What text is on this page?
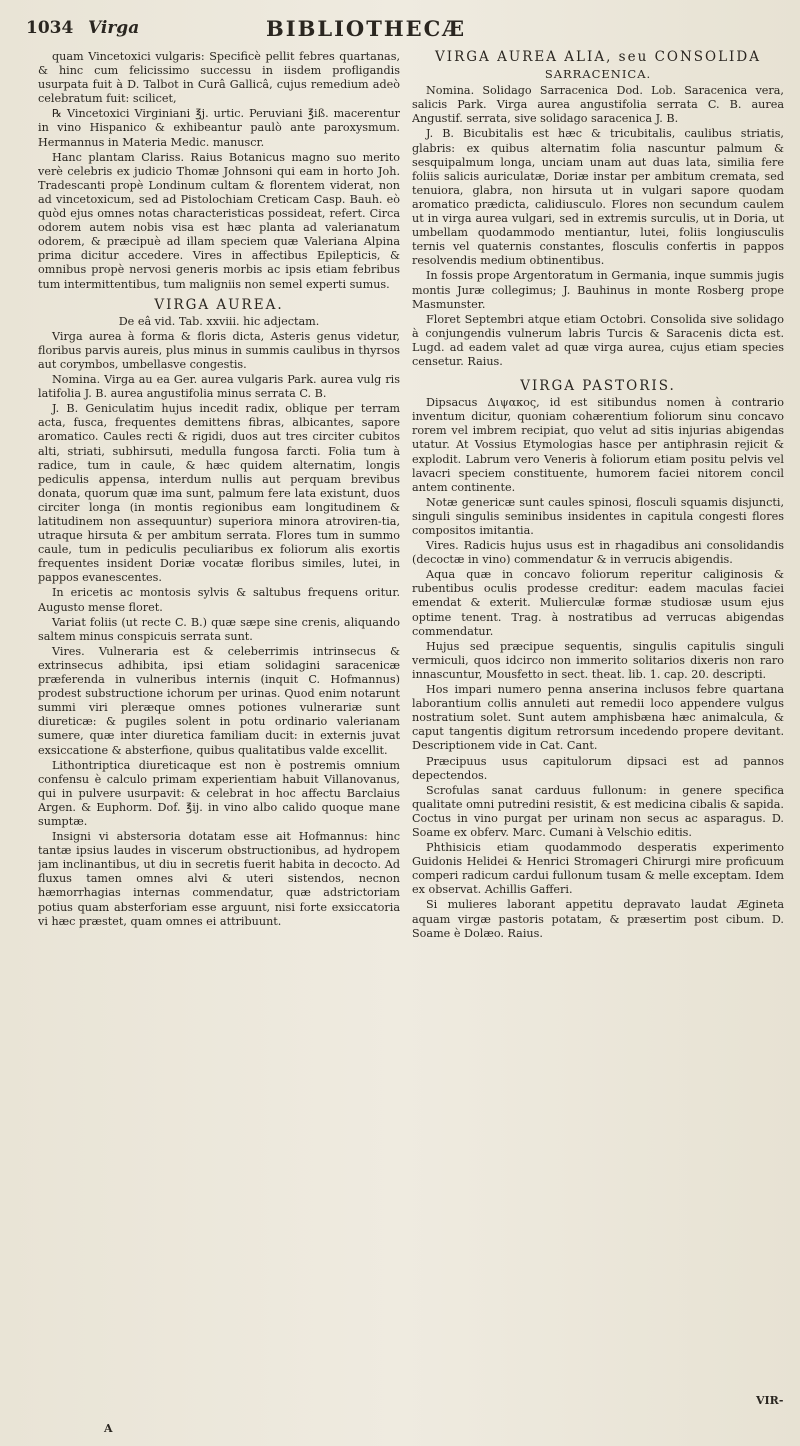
1034 Virga	BIBLIOTHECÆ

quam Vincetoxici vulgaris: Specificè pellit febres quartanas, & hinc cum felicissimo successu in iisdem profligandis usurpata fuit à D. Talbot in Curâ Gallicâ, cujus remedium adeò celebratum fuit: scilicet,

℞ Vincetoxici Virginiani ℥j. urtic. Peruviani ℥iß. macerentur in vino Hispanico & exhibeantur paulò ante paroxysmum. Hermannus in Materia Medic. manuscr.

Hanc plantam Clariss. Raius Botanicus magno suo merito verè celebris ex judicio Thomæ Johnsoni qui eam in horto Joh. Tradescanti propè Londinum cultam & florentem viderat, non ad vincetoxicum, sed ad Pistolochiam Creticam Casp. Bauh. eò quòd ejus omnes notas characteristicas possideat, refert. Circa odorem autem nobis visa est hæc planta ad valerianatum odorem, & præcipuè ad illam speciem quæ Valeriana Alpina prima dicitur accedere. Vires in affectibus Epilepticis, & omnibus propè nervosi generis morbis ac ipsis etiam febribus tum intermittentibus, tum maligniis non semel experti sumus.

VIRGA AUREA.

De eâ vid. Tab. xxviii. hic adjectam.

Virga aurea à forma & floris dicta, Asteris genus videtur, floribus parvis aureis, plus minus in summis caulibus in thyrsos aut corymbos, umbellasve congestis.

Nomina. Virga au ea Ger. aurea vulgaris Park. aurea vulg ris latifolia J. B. aurea angustifolia minus serrata C. B.

J. B. Geniculatim hujus incedit radix, oblique per terram acta, fusca, frequentes demittens fibras, albicantes, sapore aromatico. Caules recti & rigidi, duos aut tres circiter cubitos alti, striati, subhirsuti, medulla fungosa farcti. Folia tum à radice, tum in caule, & hæc quidem alternatim, longis pediculis appensa, interdum nullis aut perquam brevibus donata, quorum quæ ima sunt, palmum fere lata existunt, duos circiter longa (in montis regionibus eam longitudinem & latitudinem non assequuntur) superiora minora atroviren-tia, utraque hirsuta & per ambitum serrata. Flores tum in summo caule, tum in pediculis peculiaribus ex foliorum alis exortis frequentes insident Doriæ vocatæ floribus similes, lutei, in pappos evanescentes.

In ericetis ac montosis sylvis & saltubus frequens oritur. Augusto mense floret.

Variat foliis (ut recte C. B.) quæ sæpe sine crenis, aliquando saltem minus conspicuis serrata sunt.

Vires. Vulneraria est & celeberrimis intrinsecus & extrinsecus adhibita, ipsi etiam solidagini saracenicæ præferenda in vulneribus internis (inquit C. Hofmannus) prodest substructione ichorum per urinas. Quod enim notarunt summi viri pleræque omnes potiones vulnerariæ sunt diureticæ: & pugiles solent in potu ordinario valerianam sumere, quæ inter diuretica familiam ducit: in externis juvat exsiccatione & absterfione, quibus qualitatibus valde excellit.

Lithontriptica diureticaque est non è postremis omnium confensu è calculo primam experientiam habuit Villanovanus, qui in pulvere usurpavit: & celebrat in hoc affectu Barclaius Argen. & Euphorm. Dof. ℥ij. in vino albo calido quoque mane sumptæ.

Insigni vi abstersoria dotatam esse ait Hofmannus: hinc tantæ ipsius laudes in viscerum obstructionibus, ad hydropem jam inclinantibus, ut diu in secretis fuerit habita in decocto. Ad fluxus tamen omnes alvi & uteri sistendos, necnon hæmorrhagias internas commendatur, quæ adstrictoriam potius quam absterforiam esse arguunt, nisi forte exsiccatoria vi hæc præstet, quam omnes ei attribuunt.

VIRGA AUREA ALIA, seu CONSOLIDA
SARRACENICA.

Nomina. Solidago Sarracenica Dod. Lob. Saracenica vera, salicis Park. Virga aurea angustifolia serrata C. B. aurea Angustif. serrata, sive solidago saracenica J. B.

J. B. Bicubitalis est hæc & tricubitalis, caulibus striatis, glabris: ex quibus alternatim folia nascuntur palmum & sesquipalmum longa, unciam unam aut duas lata, similia fere foliis salicis auriculatæ, Doriæ instar per ambitum cremata, sed tenuiora, glabra, non hirsuta ut in vulgari sapore quodam aromatico prædicta, calidiusculo. Flores non secundum caulem ut in virga aurea vulgari, sed in extremis surculis, ut in Doria, ut umbellam quodammodo mentiantur, lutei, foliis longiusculis ternis vel quaternis constantes, flosculis confertis in pappos resolvendis medium obtinentibus.

In fossis prope Argentoratum in Germania, inque summis jugis montis Juræ collegimus; J. Bauhinus in monte Rosberg prope Masmunster.

Floret Septembri atque etiam Octobri. Consolida sive solidago à conjungendis vulnerum labris Turcis & Saracenis dicta est. Lugd. ad eadem valet ad quæ virga aurea, cujus etiam species censetur. Raius.

VIRGA PASTORIS.

Dipsacus Διψακος, id est sitibundus nomen à contrario inventum dicitur, quoniam cohærentium foliorum sinu concavo rorem vel imbrem recipiat, quo velut ad sitis injurias abigendas utatur. At Vossius Etymologias hasce per antiphrasin rejicit & explodit. Labrum vero Veneris à foliorum etiam positu pelvis vel lavacri speciem constituente, humorem faciei nitorem concil antem continente.

Notæ genericæ sunt caules spinosi, flosculi squamis disjuncti, singuli singulis seminibus insidentes in capitula congesti flores compositos imitantia.

Vires. Radicis hujus usus est in rhagadibus ani consolidandis (decoctæ in vino) commendatur & in verrucis abigendis.

Aqua quæ in concavo foliorum reperitur caliginosis & rubentibus oculis prodesse creditur: eadem maculas faciei emendat & exterit. Mulierculæ formæ studiosæ usum ejus optime tenent. Trag. à nostratibus ad verrucas abigendas commendatur.

Hujus sed præcipue sequentis, singulis capitulis singuli vermiculi, quos idcirco non immerito solitarios dixeris non raro innascuntur, Mousfetto in sect. theat. lib. 1. cap. 20. descripti.

Hos impari numero penna anserina inclusos febre quartana laborantium collis annuleti aut remedii loco appendere vulgus nostratium solet. Sunt autem amphisbæna hæc animalcula, & caput tangentis digitum retrorsum incedendo propere devitant. Descriptionem vide in Cat. Cant.

Præcipuus usus capitulorum dipsaci est ad pannos depectendos.

Scrofulas sanat carduus fullonum: in genere specifica qualitate omni putredini resistit, & est medicina cibalis & sapida. Coctus in vino purgat per urinam non secus ac asparagus. D. Soame ex obferv. Marc. Cumani à Velschio editis.

Phthisicis etiam quodammodo desperatis experimento Guidonis Helidei & Henrici Stromageri Chirurgi mire proficuum comperi radicum cardui fullonum tusam & melle exceptam. Idem ex observat. Achillis Gafferi.

Si mulieres laborant appetitu depravato laudat Ægineta aquam virgæ pastoris potatam, & præsertim post cibum. D. Soame è Dolæo. Raius.

VIR-
A
